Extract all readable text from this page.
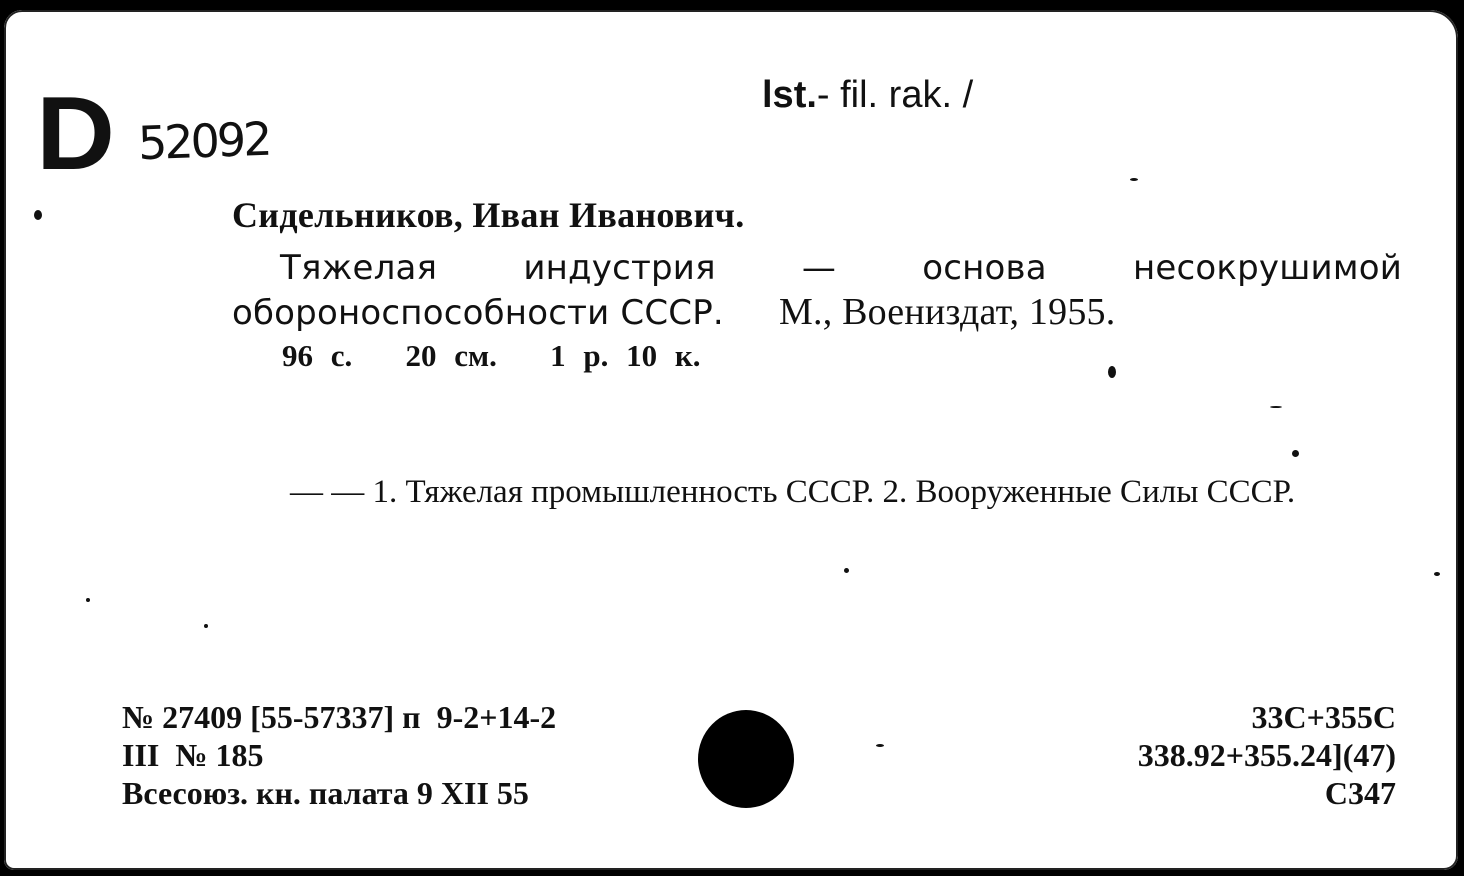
D 52092
lst.- fil. rak. /
Сидельников, Иван Иванович.
Тяжелая индустрия — основа несокрушимой обороноспособности СССР. М., Воениздат, 1955.
96 с.   20 см.   1 р. 10 к.
— — 1. Тяжелая промышленность СССР. 2. Вооруженные Силы СССР.
№ 27409 [55-57337] п  9-2+14-2
III  № 185
Всесоюз. кн. палата 9 XII 55
33С+355С
338.92+355.24](47)
С347
